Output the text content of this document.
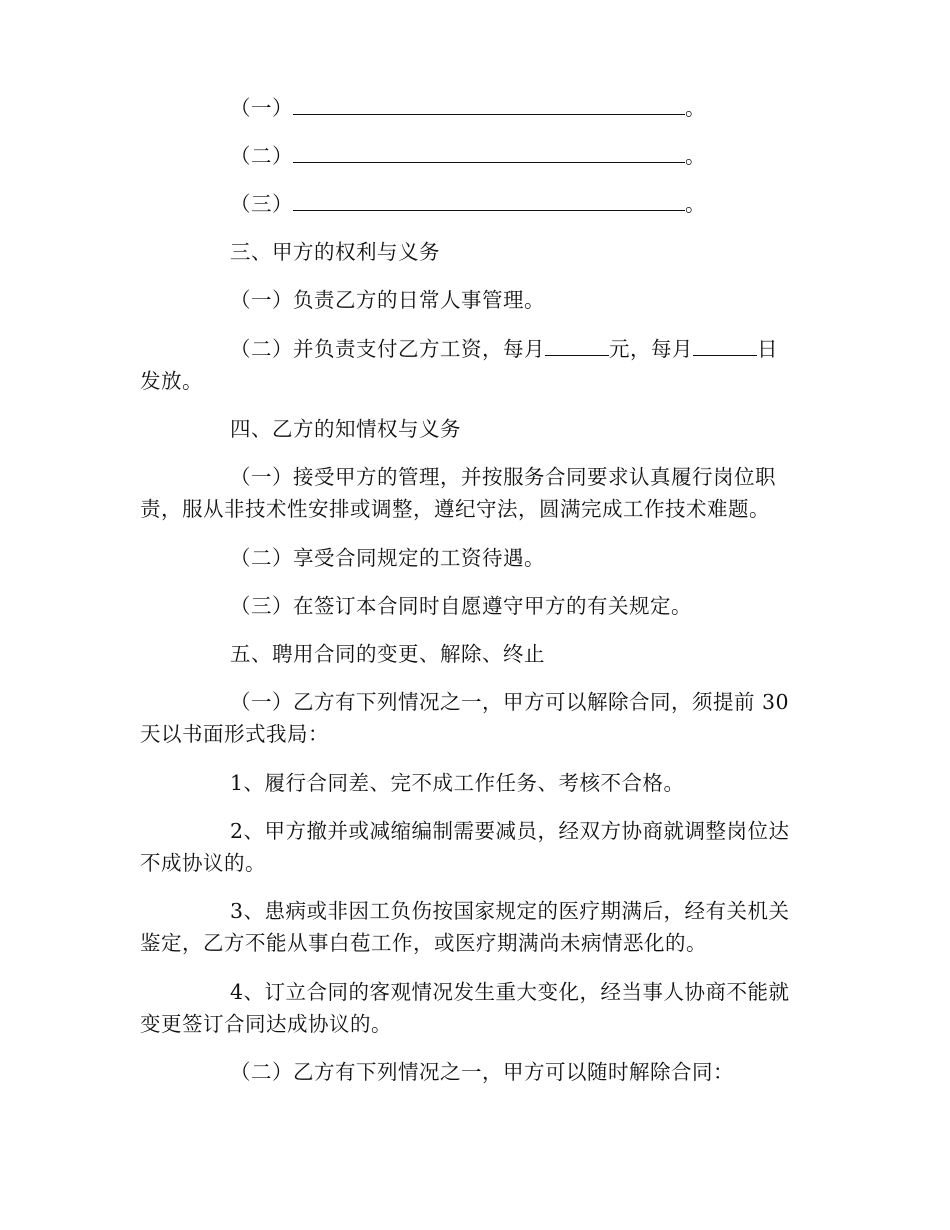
（一）	。
（二）	。
（三）	。
三、甲方的权利与义务
（一）负责乙方的日常人事管理。
（二）并负责支付乙方工资，每月	元，每月	日
发放。
四、乙方的知情权与义务
（一）接受甲方的管理，并按服务合同要求认真履行岗位职
责，服从非技术性安排或调整，遵纪守法，圆满完成工作技术难题。
（二）享受合同规定的工资待遇。
（三）在签订本合同时自愿遵守甲方的有关规定。
五、聘用合同的变更、解除、终止
（一）乙方有下列情况之一，甲方可以解除合同，须提前 30
天以书面形式我局：
1、履行合同差、完不成工作任务、考核不合格。
2、甲方撤并或减缩编制需要减员，经双方协商就调整岗位达
不成协议的。
3、患病或非因工负伤按国家规定的医疗期满后，经有关机关
鉴定，乙方不能从事白苞工作，或医疗期满尚未病情恶化的。
4、订立合同的客观情况发生重大变化，经当事人协商不能就
变更签订合同达成协议的。
（二）乙方有下列情况之一，甲方可以随时解除合同：
